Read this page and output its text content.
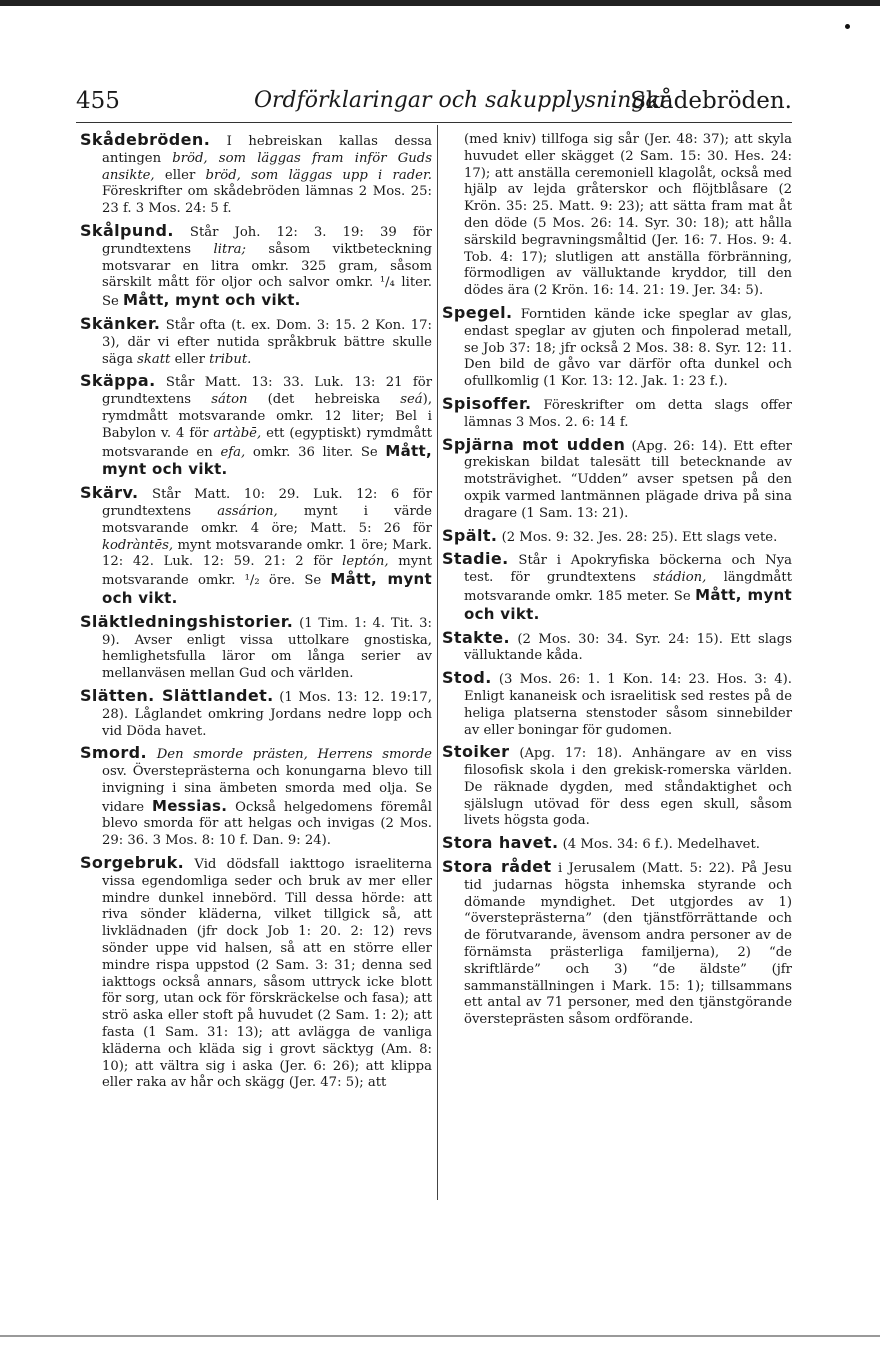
455	Ordförklaringar och sakupplysningar.
Skådebröden.

Skådebröden. I hebreiskan kallas dessa antingen bröd, som läggas fram inför Guds ansikte, eller bröd, som läggas upp i rader. Föreskrifter om skådebröden lämnas 2 Mos. 25: 23 f. 3 Mos. 24: 5 f.

Skålpund. Står Joh. 12: 3. 19: 39 för grundtextens litra; såsom viktbeteckning motsvarar en litra omkr. 325 gram, såsom särskilt mått för oljor och salvor omkr. ¹/₄ liter. Se Mått, mynt och vikt.

Skänker. Står ofta (t. ex. Dom. 3: 15. 2 Kon. 17: 3), där vi efter nutida språkbruk bättre skulle säga skatt eller tribut.

Skäppa. Står Matt. 13: 33. Luk. 13: 21 för grundtextens sáton (det hebreiska seá), rymdmått motsvarande omkr. 12 liter; Bel i Babylon v. 4 för artàbē, ett (egyptiskt) rymdmått motsvarande en efa, omkr. 36 liter. Se Mått, mynt och vikt.

Skärv. Står Matt. 10: 29. Luk. 12: 6 för grundtextens assárion, mynt i värde motsvarande omkr. 4 öre; Matt. 5: 26 för kodràntēs, mynt motsvarande omkr. 1 öre; Mark. 12: 42. Luk. 12: 59. 21: 2 för leptón, mynt motsvarande omkr. ¹/₂ öre. Se Mått, mynt och vikt.

Släktledningshistorier. (1 Tim. 1: 4. Tit. 3: 9). Avser enligt vissa uttolkare gnostiska, hemlighetsfulla läror om långa serier av mellanväsen mellan Gud och världen.

Slätten. Slättlandet. (1 Mos. 13: 12. 19:17, 28). Låglandet omkring Jordans nedre lopp och vid Döda havet.

Smord. Den smorde prästen, Herrens smorde osv. Översteprästerna och konungarna blevo till invigning i sina ämbeten smorda med olja. Se vidare Messias. Också helgedomens föremål blevo smorda för att helgas och invigas (2 Mos. 29: 36. 3 Mos. 8: 10 f. Dan. 9: 24).

Sorgebruk. Vid dödsfall iakttogo israeliterna vissa egendomliga seder och bruk av mer eller mindre dunkel innebörd. Till dessa hörde: att riva sönder kläderna, vilket tillgick så, att livklädnaden (jfr dock Job 1: 20. 2: 12) revs sönder uppe vid halsen, så att en större eller mindre rispa uppstod (2 Sam. 3: 31; denna sed iakttogs också annars, såsom uttryck icke blott för sorg, utan ock för förskräckelse och fasa); att strö aska eller stoft på huvudet (2 Sam. 1: 2); att fasta (1 Sam. 31: 13); att avlägga de vanliga kläderna och kläda sig i grovt säcktyg (Am. 8: 10); att vältra sig i aska (Jer. 6: 26); att klippa eller raka av hår och skägg (Jer. 47: 5); att

(med kniv) tillfoga sig sår (Jer. 48: 37); att skyla huvudet eller skägget (2 Sam. 15: 30. Hes. 24: 17); att anställa ceremoniell klagolåt, också med hjälp av lejda gråterskor och flöjtblåsare (2 Krön. 35: 25. Matt. 9: 23); att sätta fram mat åt den döde (5 Mos. 26: 14. Syr. 30: 18); att hålla särskild begravningsmåltid (Jer. 16: 7. Hos. 9: 4. Tob. 4: 17); slutligen att anställa förbränning, förmodligen av välluktande kryddor, till den dödes ära (2 Krön. 16: 14. 21: 19. Jer. 34: 5).

Spegel. Forntiden kände icke speglar av glas, endast speglar av gjuten och finpolerad metall, se Job 37: 18; jfr också 2 Mos. 38: 8. Syr. 12: 11. Den bild de gåvo var därför ofta dunkel och ofullkomlig (1 Kor. 13: 12. Jak. 1: 23 f.).

Spisoffer. Föreskrifter om detta slags offer lämnas 3 Mos. 2. 6: 14 f.

Spjärna mot udden (Apg. 26: 14). Ett efter grekiskan bildat talesätt till betecknande av motsträvighet. “Udden” avser spetsen på den oxpik varmed lantmännen plägade driva på sina dragare (1 Sam. 13: 21).

Spält. (2 Mos. 9: 32. Jes. 28: 25). Ett slags vete.

Stadie. Står i Apokryfiska böckerna och Nya test. för grundtextens stádion, längdmått motsvarande omkr. 185 meter. Se Mått, mynt och vikt.

Stakte. (2 Mos. 30: 34. Syr. 24: 15). Ett slags välluktande kåda.

Stod. (3 Mos. 26: 1. 1 Kon. 14: 23. Hos. 3: 4). Enligt kananeisk och israelitisk sed restes på de heliga platserna stenstoder såsom sinnebilder av eller boningar för gudomen.

Stoiker (Apg. 17: 18). Anhängare av en viss filosofisk skola i den grekisk-romerska världen. De räknade dygden, med ståndaktighet och själslugn utövad för dess egen skull, såsom livets högsta goda.

Stora havet. (4 Mos. 34: 6 f.). Medelhavet.

Stora rådet i Jerusalem (Matt. 5: 22). På Jesu tid judarnas högsta inhemska styrande och dömande myndighet. Det utgjordes av 1) “översteprästerna” (den tjänstförrättande och de förutvarande, ävensom andra personer av de förnämsta prästerliga familjerna), 2) “de skriftlärde” och 3) “de äldste” (jfr sammanställningen i Mark. 15: 1); tillsammans ett antal av 71 personer, med den tjänstgörande översteprästen såsom ordförande.
